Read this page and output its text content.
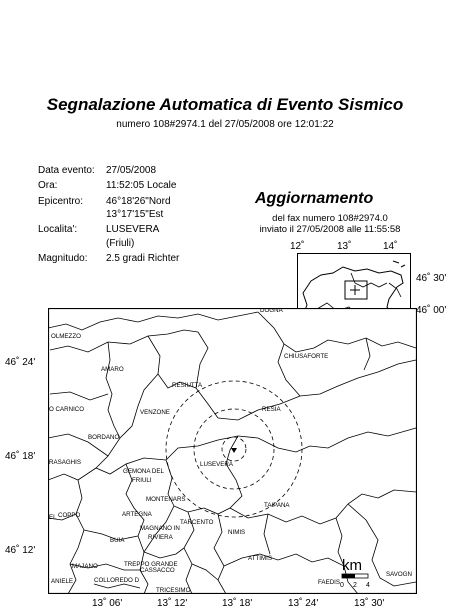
Segnalazione Automatica di Evento Sismico
numero 108#2974.1 del 27/05/2008 ore 12:01:22
Data evento: 27/05/2008
Ora:	11:52:05 Locale
Epicentro: 46°18'26"Nord
13°17'15"Est
Localita':	LUSEVERA
(Friuli)
Magnitudo: 2.5 gradi Richter
Aggiornamento
del fax numero 108#2974.0
inviato il 27/05/2008 alle 11:55:58
12˚	13˚	14˚
46˚ 30'
46˚ 00'
46˚ 24'
46˚ 18'
46˚ 12'
13˚ 06'	13˚ 12'	13˚ 18'	13˚ 24'	13˚ 30'
OLMEZZO
DOGNA
AMARO
CHIUSAFORTE
RESIUTTA
VENZONE	RESIA
O CARNICO
BORDANO
LUSEVERA
RASAGHIS
GEMONA DEL
FRIULI
MONTENARS
COPPO
EL	ARTEGNA
TAIPANA
MAGNANO IN
RIVIERA
TARCENTO
NIMIS
BUIA
ATTIMIS
TREPPO GRANDE
CASSACCO
MAJANO
COLLOREDO D
TRICESIMO
FAEDIS
ANIELE
SAVOGN
km
0 2 4
